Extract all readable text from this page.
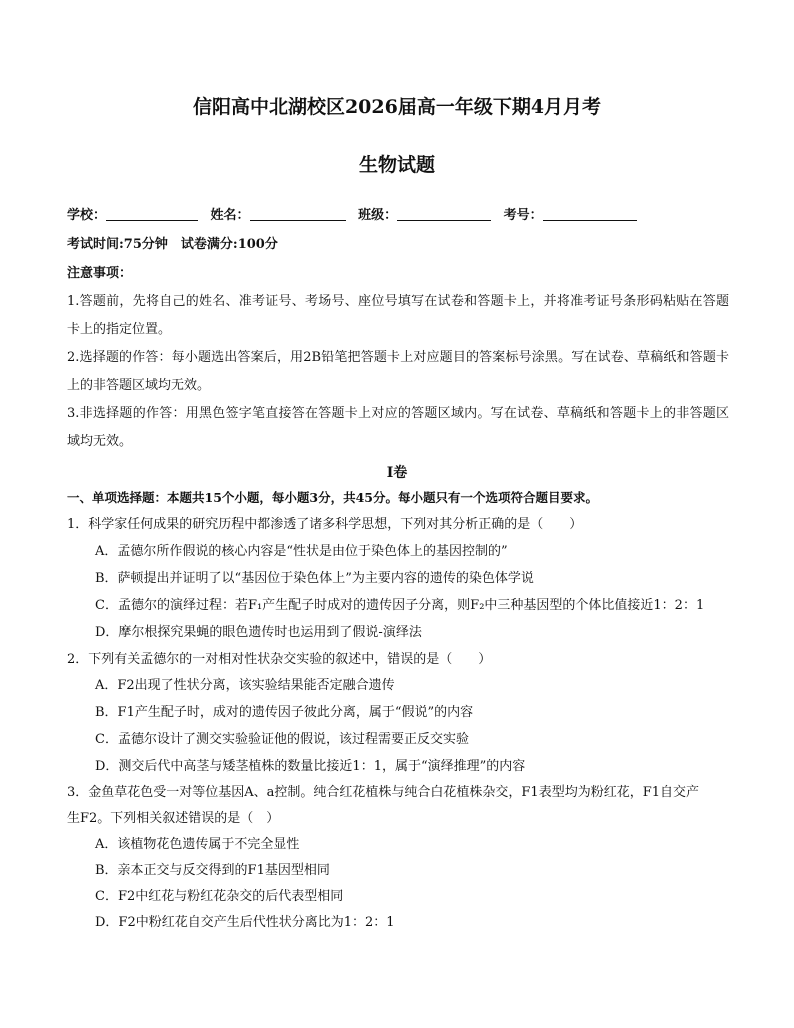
信阳高中北湖校区2026届高一年级下期4月月考
生物试题
学校：	姓名：	班级：	考号：
考试时间:75分钟　试卷满分:100分
注意事项：
1.答题前，先将自己的姓名、准考证号、考场号、座位号填写在试卷和答题卡上，并将准考证号条形码粘贴在答题卡上的指定位置。
2.选择题的作答：每小题选出答案后，用2B铅笔把答题卡上对应题目的答案标号涂黑。写在试卷、草稿纸和答题卡上的非答题区域均无效。
3.非选择题的作答：用黑色签字笔直接答在答题卡上对应的答题区域内。写在试卷、草稿纸和答题卡上的非答题区域均无效。
I卷
一、单项选择题：本题共15个小题，每小题3分，共45分。每小题只有一个选项符合题目要求。
1．科学家任何成果的研究历程中都渗透了诸多科学思想，下列对其分析正确的是（　　）
A．孟德尔所作假说的核心内容是“性状是由位于染色体上的基因控制的”
B．萨顿提出并证明了以“基因位于染色体上”为主要内容的遗传的染色体学说
C．孟德尔的演绎过程：若F₁产生配子时成对的遗传因子分离，则F₂中三种基因型的个体比值接近1：2：1
D．摩尔根探究果蝇的眼色遗传时也运用到了假说-演绎法
2．下列有关孟德尔的一对相对性状杂交实验的叙述中，错误的是（　　）
A．F2出现了性状分离，该实验结果能否定融合遗传
B．F1产生配子时，成对的遗传因子彼此分离，属于“假说”的内容
C．孟德尔设计了测交实验验证他的假说，该过程需要正反交实验
D．测交后代中高茎与矮茎植株的数量比接近1：1，属于“演绎推理”的内容
3．金鱼草花色受一对等位基因A、a控制。纯合红花植株与纯合白花植株杂交，F1表型均为粉红花，F1自交产
生F2。下列相关叙述错误的是（　）
A．该植物花色遗传属于不完全显性
B．亲本正交与反交得到的F1基因型相同
C．F2中红花与粉红花杂交的后代表型相同
D．F2中粉红花自交产生后代性状分离比为1：2：1
